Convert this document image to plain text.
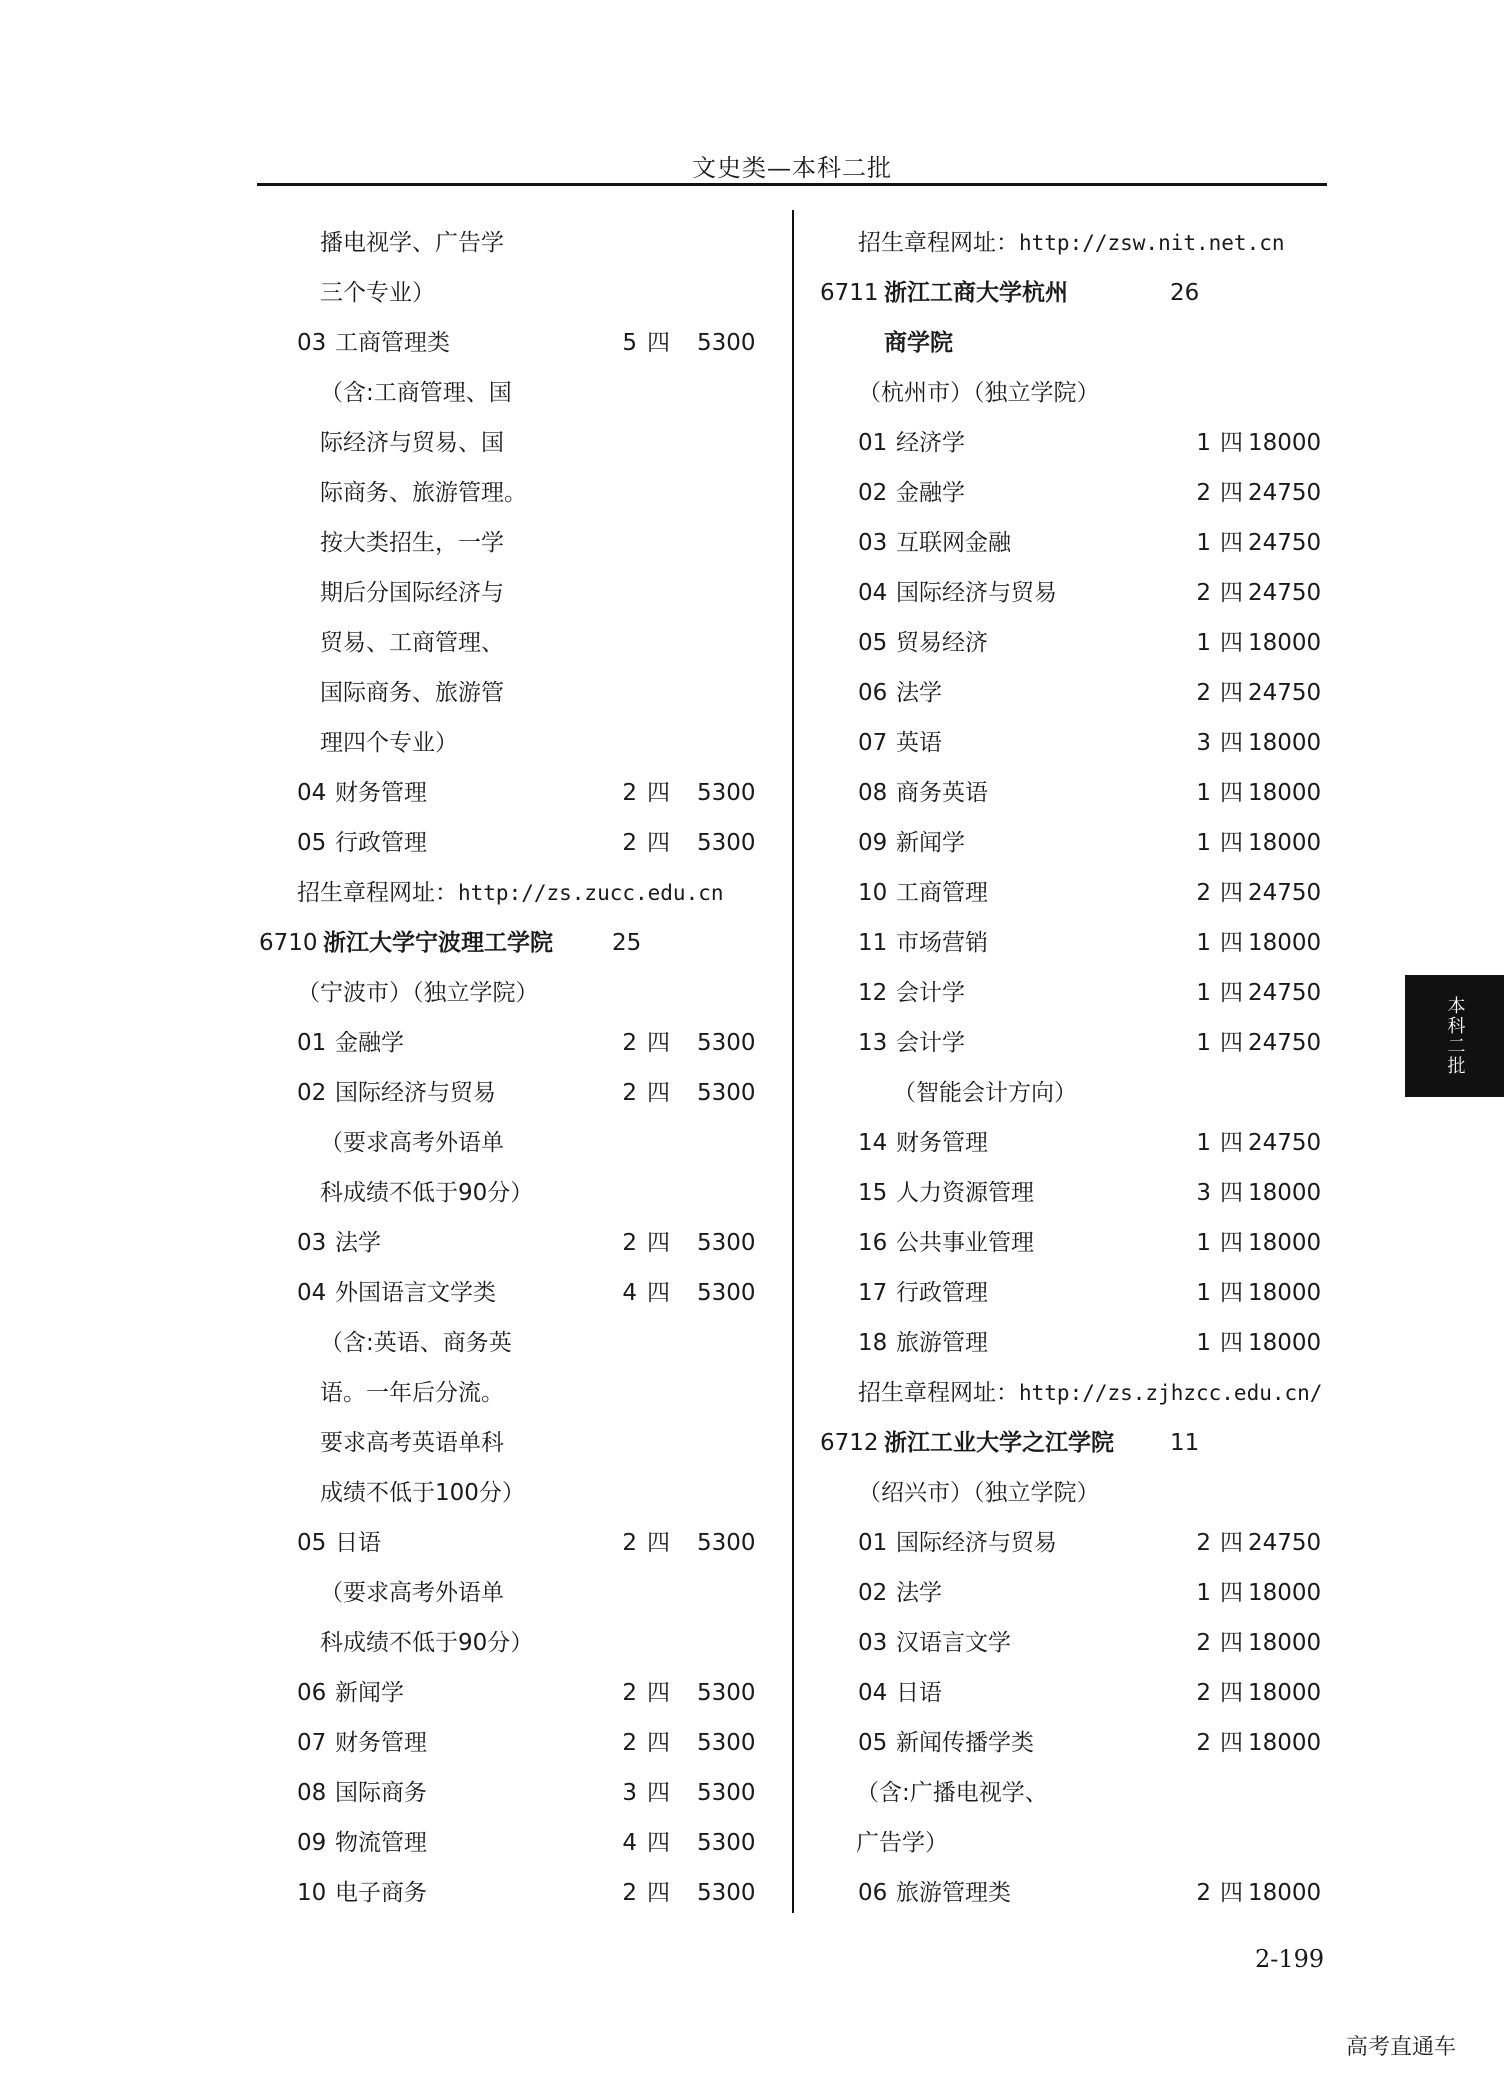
文史类—本科二批
播电视学、广告学
三个专业）
03 工商管理类	5 四 5300
（含:工商管理、国
际经济与贸易、国
际商务、旅游管理。
按大类招生，一学
期后分国际经济与
贸易、工商管理、
国际商务、旅游管
理四个专业）
04 财务管理	2 四 5300
05 行政管理	2 四 5300
招生章程网址：http://zs.zucc.edu.cn
6710 浙江大学宁波理工学院	25
（宁波市）（独立学院）
01 金融学	2 四 5300
02 国际经济与贸易	2 四 5300
（要求高考外语单
科成绩不低于90分）
03 法学	2 四 5300
04 外国语言文学类	4 四 5300
（含:英语、商务英
语。一年后分流。
要求高考英语单科
成绩不低于100分）
05 日语	2 四 5300
（要求高考外语单
科成绩不低于90分）
06 新闻学	2 四 5300
07 财务管理	2 四 5300
08 国际商务	3 四 5300
09 物流管理	4 四 5300
10 电子商务	2 四 5300
招生章程网址：http://zsw.nit.net.cn
6711 浙江工商大学杭州	26
商学院
（杭州市）（独立学院）
01 经济学	1 四 18000
02 金融学	2 四 24750
03 互联网金融	1 四 24750
04 国际经济与贸易	2 四 24750
05 贸易经济	1 四 18000
06 法学	2 四 24750
07 英语	3 四 18000
08 商务英语	1 四 18000
09 新闻学	1 四 18000
10 工商管理	2 四 24750
11 市场营销	1 四 18000
12 会计学	1 四 24750
13 会计学	1 四 24750
（智能会计方向）
14 财务管理	1 四 24750
15 人力资源管理	3 四 18000
16 公共事业管理	1 四 18000
17 行政管理	1 四 18000
18 旅游管理	1 四 18000
招生章程网址：http://zs.zjhzcc.edu.cn/
6712 浙江工业大学之江学院 11
（绍兴市）（独立学院）
01 国际经济与贸易	2 四 24750
02 法学	1 四 18000
03 汉语言文学	2 四 18000
04 日语	2 四 18000
05 新闻传播学类	2 四 18000
（含:广播电视学、
广告学）
06 旅游管理类	2 四 18000
本科二批
2-199
高考直通车
